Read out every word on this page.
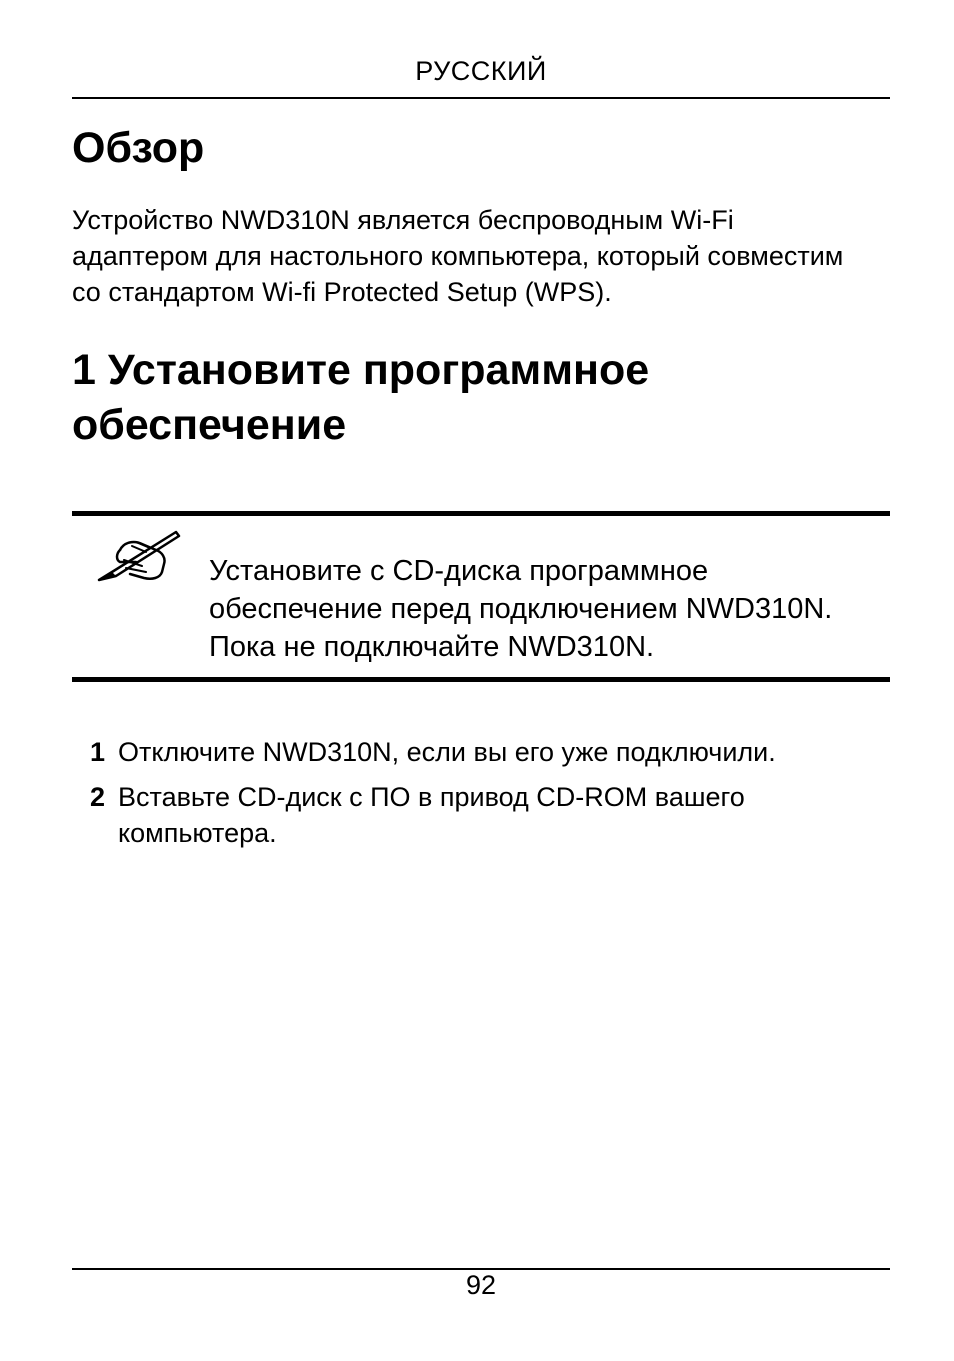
РУССКИЙ
Обзор

Устройство NWD310N является беспроводным Wi-Fi адаптером для настольного компьютера, который совместим со стандартом Wi-fi Protected Setup (WPS).

1 Установите программное обеспечение

Установите с CD-диска программное обеспечение перед подключением NWD310N. Пока не подключайте NWD310N.

1 Отключите NWD310N, если вы его уже подключили.
2 Вставьте CD-диск с ПО в привод CD-ROM вашего компьютера.
92
